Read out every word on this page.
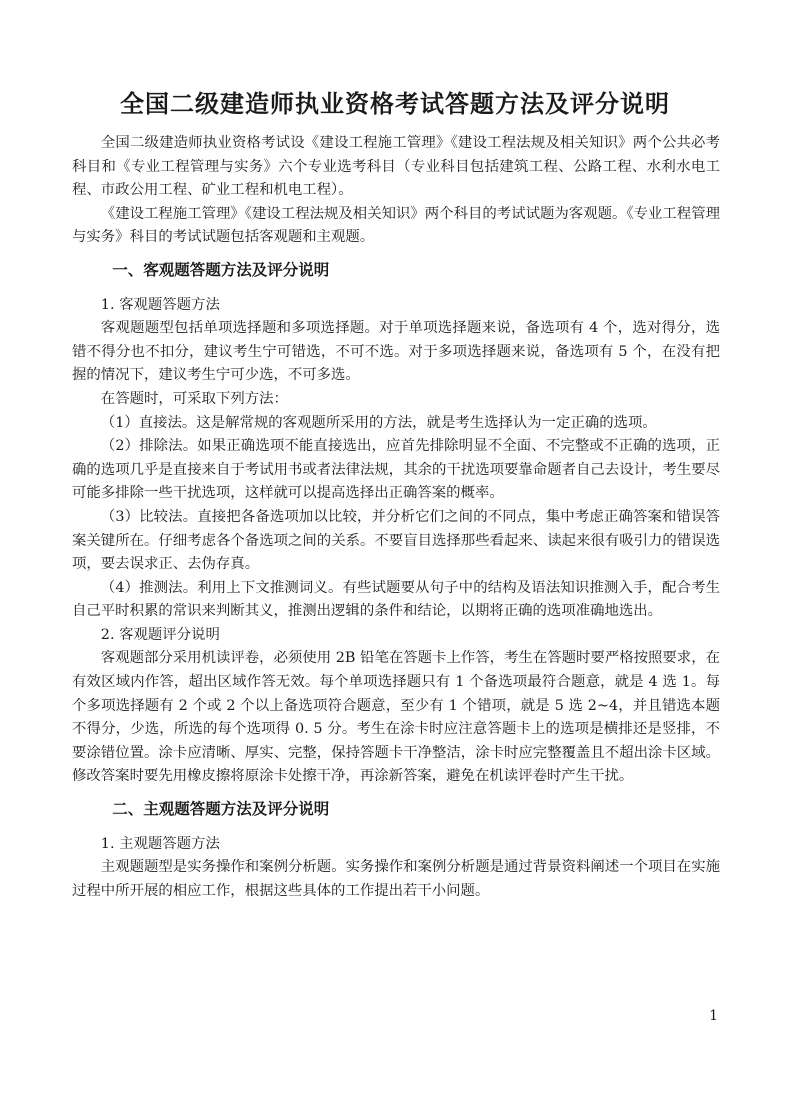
全国二级建造师执业资格考试答题方法及评分说明

全国二级建造师执业资格考试设《建设工程施工管理》《建设工程法规及相关知识》两个公共必考科目和《专业工程管理与实务》六个专业选考科目（专业科目包括建筑工程、公路工程、水利水电工程、市政公用工程、矿业工程和机电工程）。

《建设工程施工管理》《建设工程法规及相关知识》两个科目的考试试题为客观题。《专业工程管理与实务》科目的考试试题包括客观题和主观题。

一、客观题答题方法及评分说明

1. 客观题答题方法

客观题题型包括单项选择题和多项选择题。对于单项选择题来说，备选项有 4 个，选对得分，选错不得分也不扣分，建议考生宁可错选，不可不选。对于多项选择题来说，备选项有 5 个，在没有把握的情况下，建议考生宁可少选，不可多选。

在答题时，可采取下列方法：

（1）直接法。这是解常规的客观题所采用的方法，就是考生选择认为一定正确的选项。

（2）排除法。如果正确选项不能直接选出，应首先排除明显不全面、不完整或不正确的选项，正确的选项几乎是直接来自于考试用书或者法律法规，其余的干扰选项要靠命题者自己去设计，考生要尽可能多排除一些干扰选项，这样就可以提高选择出正确答案的概率。

（3）比较法。直接把各备选项加以比较，并分析它们之间的不同点，集中考虑正确答案和错误答案关键所在。仔细考虑各个备选项之间的关系。不要盲目选择那些看起来、读起来很有吸引力的错误选项，要去误求正、去伪存真。

（4）推测法。利用上下文推测词义。有些试题要从句子中的结构及语法知识推测入手，配合考生自己平时积累的常识来判断其义，推测出逻辑的条件和结论，以期将正确的选项准确地选出。

2. 客观题评分说明

客观题部分采用机读评卷，必须使用 2B 铅笔在答题卡上作答，考生在答题时要严格按照要求，在有效区域内作答，超出区域作答无效。每个单项选择题只有 1 个备选项最符合题意，就是 4 选 1。每个多项选择题有 2 个或 2 个以上备选项符合题意，至少有 1 个错项，就是 5 选 2~4，并且错选本题不得分，少选，所选的每个选项得 0. 5 分。考生在涂卡时应注意答题卡上的选项是横排还是竖排，不要涂错位置。涂卡应清晰、厚实、完整，保持答题卡干净整洁，涂卡时应完整覆盖且不超出涂卡区域。修改答案时要先用橡皮擦将原涂卡处擦干净，再涂新答案，避免在机读评卷时产生干扰。

二、主观题答题方法及评分说明

1. 主观题答题方法

主观题题型是实务操作和案例分析题。实务操作和案例分析题是通过背景资料阐述一个项目在实施过程中所开展的相应工作，根据这些具体的工作提出若干小问题。

1
